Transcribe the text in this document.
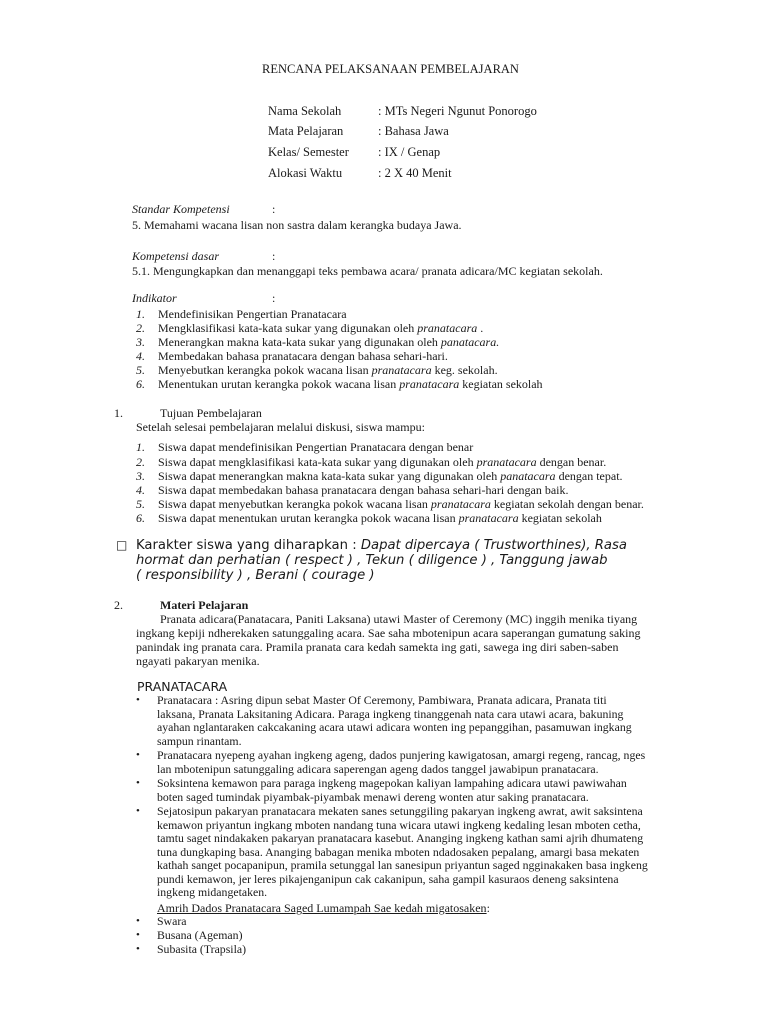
RENCANA PELAKSANAAN PEMBELAJARAN
Nama Sekolah	: MTs Negeri Ngunut Ponorogo
Mata Pelajaran	: Bahasa Jawa
Kelas/ Semester : IX / Genap
Alokasi Waktu	: 2 X 40 Menit
Standar Kompetensi	:
5. Memahami wacana lisan non sastra dalam kerangka budaya Jawa.
Kompetensi dasar	:
5.1. Mengungkapkan dan menanggapi teks pembawa acara/ pranata adicara/MC kegiatan sekolah.
Indikator	:
1. Mendefinisikan Pengertian Pranatacara
2. Mengklasifikasi kata-kata sukar yang digunakan oleh pranatacara .
3. Menerangkan makna kata-kata sukar yang digunakan oleh panatacara.
4. Membedakan bahasa pranatacara dengan bahasa sehari-hari.
5. Menyebutkan kerangka pokok wacana lisan pranatacara keg. sekolah.
6. Menentukan urutan kerangka pokok wacana lisan pranatacara kegiatan sekolah
1.	Tujuan Pembelajaran
Setelah selesai pembelajaran melalui diskusi, siswa mampu:
1. Siswa dapat mendefinisikan Pengertian Pranatacara dengan benar
2. Siswa dapat mengklasifikasi kata-kata sukar yang digunakan oleh pranatacara dengan benar.
3. Siswa dapat menerangkan makna kata-kata sukar yang digunakan oleh panatacara dengan tepat.
4. Siswa dapat membedakan bahasa pranatacara dengan bahasa sehari-hari dengan baik.
5. Siswa dapat menyebutkan kerangka pokok wacana lisan pranatacara kegiatan sekolah dengan benar.
6. Siswa dapat menentukan urutan kerangka pokok wacana lisan pranatacara kegiatan sekolah
□ Karakter siswa yang diharapkan : Dapat dipercaya ( Trustworthines), Rasa
hormat dan perhatian ( respect ) , Tekun ( diligence ) , Tanggung jawab
( responsibility ) , Berani ( courage )
2.	Materi Pelajaran
Pranata adicara(Panatacara, Paniti Laksana) utawi Master of Ceremony (MC) inggih menika tiyang
ingkang kepiji ndherekaken satunggaling acara. Sae saha mbotenipun acara saperangan gumatung saking
panindak ing pranata cara. Pramila pranata cara kedah samekta ing gati, sawega ing diri saben-saben
ngayati pakaryan menika.
PRANATACARA
• Pranatacara : Asring dipun sebat Master Of Ceremony, Pambiwara, Pranata adicara, Pranata titi
laksana, Pranata Laksitaning Adicara. Paraga ingkeng tinanggenah nata cara utawi acara, bakuning
ayahan nglantaraken cakcakaning acara utawi adicara wonten ing pepanggihan, pasamuwan ingkang
sampun rinantam.
• Pranatacara nyepeng ayahan ingkeng ageng, dados punjering kawigatosan, amargi regeng, rancag, nges
lan mbotenipun satunggaling adicara saperengan ageng dados tanggel jawabipun pranatacara.
• Soksintena kemawon para paraga ingkeng magepokan kaliyan lampahing adicara utawi pawiwahan
boten saged tumindak piyambak-piyambak menawi dereng wonten atur saking pranatacara.
• Sejatosipun pakaryan pranatacara mekaten sanes setunggiling pakaryan ingkeng awrat, awit saksintena
kemawon priyantun ingkang mboten nandang tuna wicara utawi ingkeng kedaling lesan mboten cetha,
tamtu saget nindakaken pakaryan pranatacara kasebut. Ananging ingkeng kathan sami ajrih dhumateng
tuna dungkaping basa. Ananging babagan menika mboten ndadosaken pepalang, amargi basa mekaten
kathah sanget pocapanipun, pramila setunggal lan sanesipun priyantun saged ngginakaken basa ingkeng
pundi kemawon, jer leres pikajenganipun cak cakanipun, saha gampil kasuraos deneng saksintena
ingkeng midangetaken.
Amrih Dados Pranatacara Saged Lumampah Sae kedah migatosaken:
• Swara
• Busana (Ageman)
• Subasita (Trapsila)
